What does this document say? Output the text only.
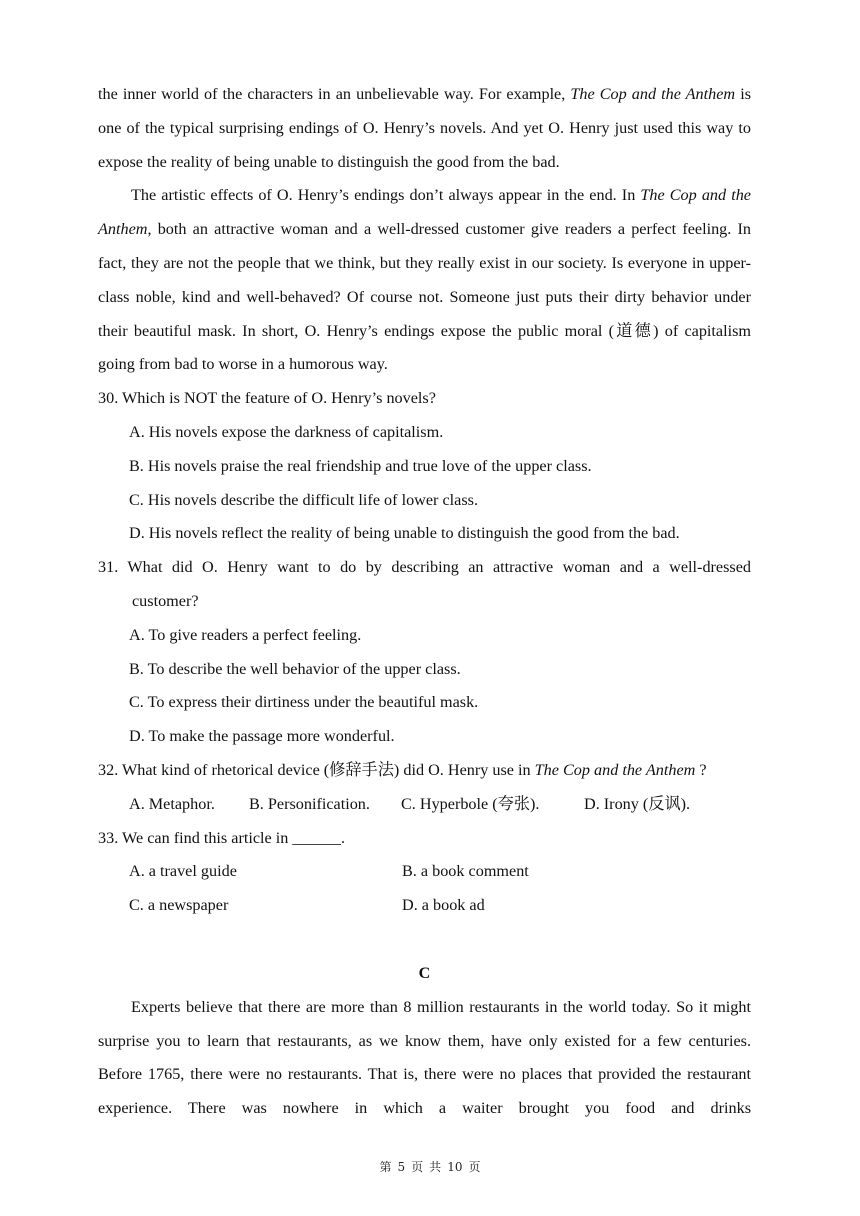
the inner world of the characters in an unbelievable way. For example, The Cop and the Anthem is one of the typical surprising endings of O. Henry’s novels. And yet O. Henry just used this way to expose the reality of being unable to distinguish the good from the bad.

The artistic effects of O. Henry’s endings don’t always appear in the end. In The Cop and the Anthem, both an attractive woman and a well-dressed customer give readers a perfect feeling. In fact, they are not the people that we think, but they really exist in our society. Is everyone in upper-class noble, kind and well-behaved? Of course not. Someone just puts their dirty behavior under their beautiful mask. In short, O. Henry’s endings expose the public moral (道德) of capitalism going from bad to worse in a humorous way.

30. Which is NOT the feature of O. Henry’s novels?
A. His novels expose the darkness of capitalism.
B. His novels praise the real friendship and true love of the upper class.
C. His novels describe the difficult life of lower class.
D. His novels reflect the reality of being unable to distinguish the good from the bad.

31. What did O. Henry want to do by describing an attractive woman and a well-dressed

customer?
A. To give readers a perfect feeling.
B. To describe the well behavior of the upper class.
C. To express their dirtiness under the beautiful mask.
D. To make the passage more wonderful.
32. What kind of rhetorical device (修辞手法) did O. Henry use in The Cop and the Anthem ?
A. Metaphor. B. Personification. C. Hyperbole (夸张).	D. Irony (反讽).
33. We can find this article in ______.
A. a travel guide	B. a book comment
C. a newspaper	D. a book ad
C

Experts believe that there are more than 8 million restaurants in the world today. So it might surprise you to learn that restaurants, as we know them, have only existed for a few centuries. Before 1765, there were no restaurants. That is, there were no places that provided the restaurant experience. There was nowhere in which a waiter brought you food and drinks

第 5 页 共 10 页
